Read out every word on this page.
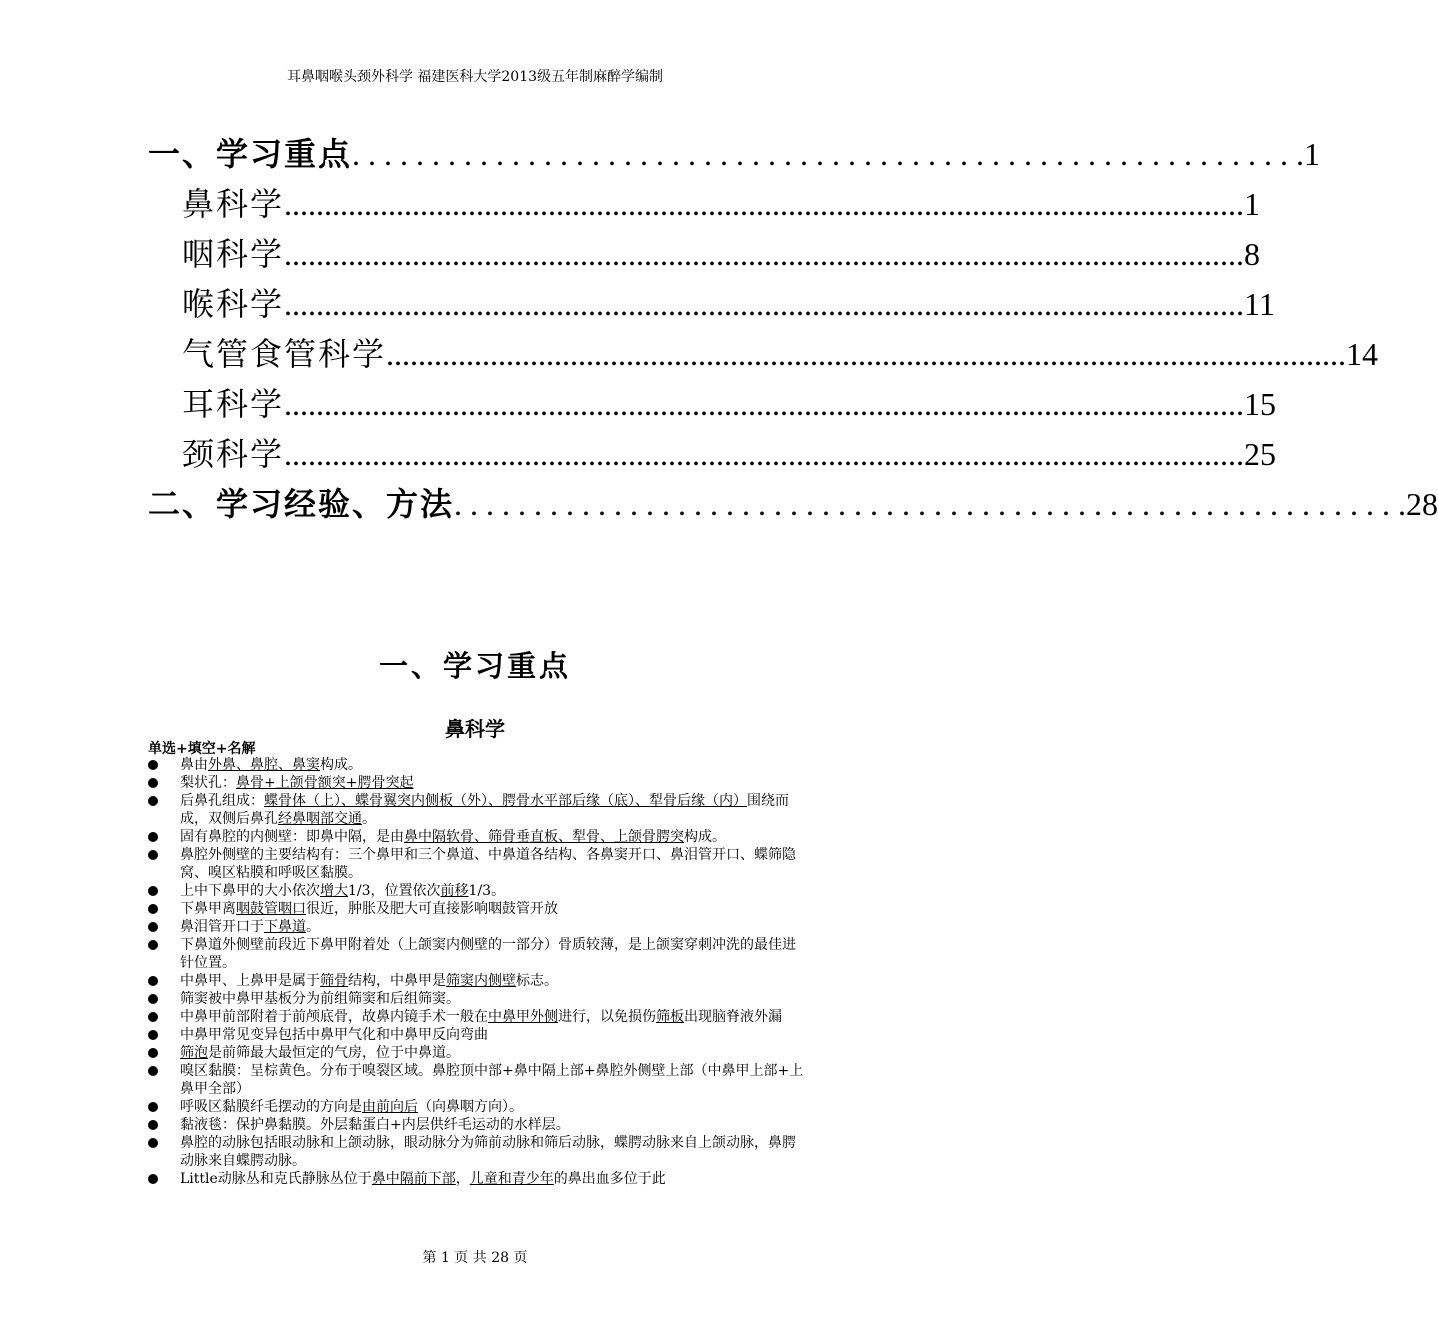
耳鼻咽喉头颈外科学 福建医科大学2013级五年制麻醉学编制
一、学习重点 . . . . . . . . . . . . . . . . . . . . . . . . . . . . . . . . . . . . . . . . . . . . . . . . . . . . . . . . . . . . 1
鼻科学 ........................................................................................................................ 1
咽科学 ........................................................................................................................ 8
喉科学 ........................................................................................................................ 11
气管食管科学 ........................................................................................................................ 14
耳科学 ........................................................................................................................ 15
颈科学 ........................................................................................................................ 25
二、学习经验、方法 . . . . . . . . . . . . . . . . . . . . . . . . . . . . . . . . . . . . . . . . . . . . . . . . . . . . . . . . . . . . 28
一、学习重点
鼻科学
单选+填空+名解
鼻由外鼻、鼻腔、鼻窦构成。
梨状孔：鼻骨+上颌骨额突+腭骨突起
后鼻孔组成：蝶骨体（上）、蝶骨翼突内侧板（外）、腭骨水平部后缘（底）、犁骨后缘（内）围绕而成，双侧后鼻孔经鼻咽部交通。
固有鼻腔的内侧壁：即鼻中隔，是由鼻中隔软骨、筛骨垂直板、犁骨、上颌骨腭突构成。
鼻腔外侧壁的主要结构有：三个鼻甲和三个鼻道、中鼻道各结构、各鼻窦开口、鼻泪管开口、蝶筛隐窝、嗅区粘膜和呼吸区黏膜。
上中下鼻甲的大小依次增大1/3，位置依次前移1/3。
下鼻甲离咽鼓管咽口很近，肿胀及肥大可直接影响咽鼓管开放
鼻泪管开口于下鼻道。
下鼻道外侧壁前段近下鼻甲附着处（上颌窦内侧壁的一部分）骨质较薄，是上颌窦穿刺冲洗的最佳进针位置。
中鼻甲、上鼻甲是属于筛骨结构，中鼻甲是筛窦内侧壁标志。
筛窦被中鼻甲基板分为前组筛窦和后组筛窦。
中鼻甲前部附着于前颅底骨，故鼻内镜手术一般在中鼻甲外侧进行，以免损伤筛板出现脑脊液外漏
中鼻甲常见变异包括中鼻甲气化和中鼻甲反向弯曲
筛泡是前筛最大最恒定的气房，位于中鼻道。
嗅区黏膜：呈棕黄色。分布于嗅裂区域。鼻腔顶中部+鼻中隔上部+鼻腔外侧壁上部（中鼻甲上部+上鼻甲全部）
呼吸区黏膜纤毛摆动的方向是由前向后（向鼻咽方向）。
黏液毯：保护鼻黏膜。外层黏蛋白+内层供纤毛运动的水样层。
鼻腔的动脉包括眼动脉和上颌动脉，眼动脉分为筛前动脉和筛后动脉，蝶腭动脉来自上颌动脉，鼻腭动脉来自蝶腭动脉。
Little动脉丛和克氏静脉丛位于鼻中隔前下部，儿童和青少年的鼻出血多位于此
第 1 页 共 28 页
